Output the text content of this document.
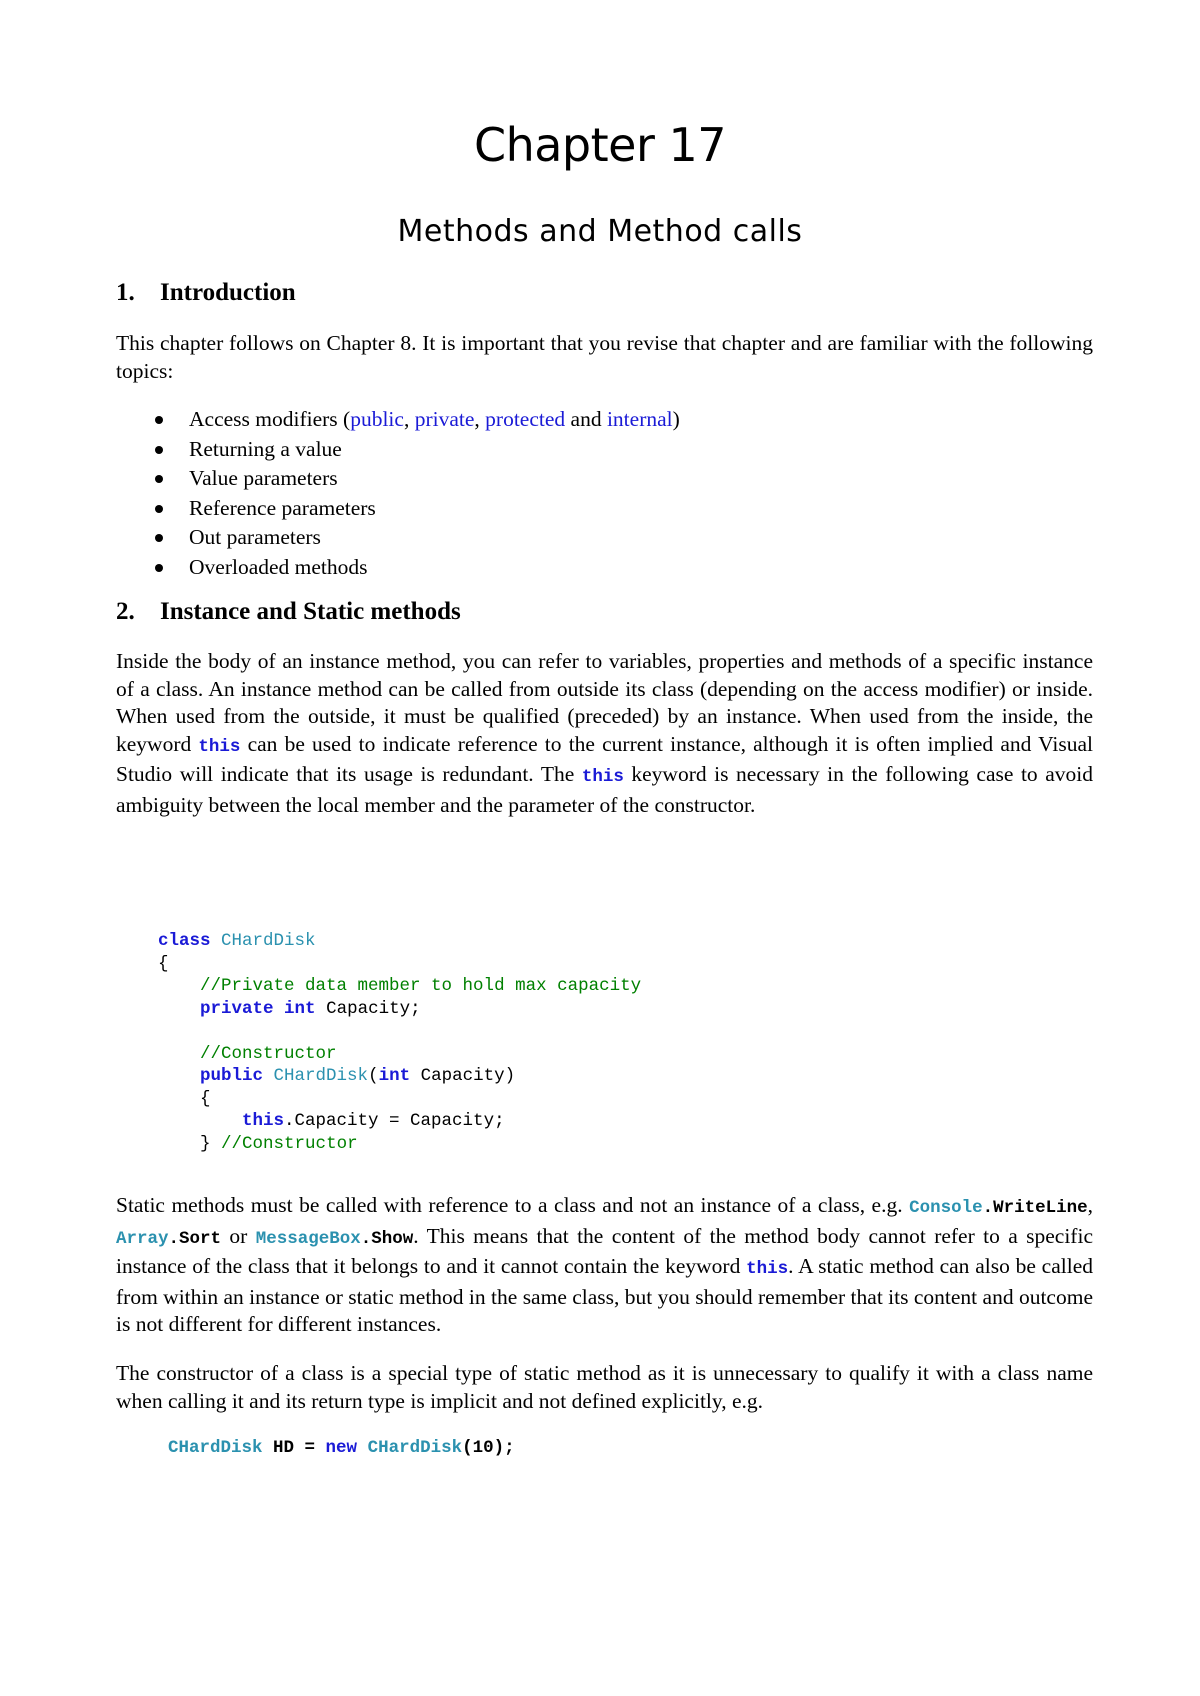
Chapter 17
Methods and Method calls

1. Introduction

This chapter follows on Chapter 8. It is important that you revise that chapter and are familiar with the following topics:

Access modifiers (public, private, protected and internal)
Returning a value
Value parameters
Reference parameters
Out parameters
Overloaded methods

2. Instance and Static methods

Inside the body of an instance method, you can refer to variables, properties and methods of a specific instance of a class. An instance method can be called from outside its class (depending on the access modifier) or inside. When used from the outside, it must be qualified (preceded) by an instance. When used from the inside, the keyword this can be used to indicate reference to the current instance, although it is often implied and Visual Studio will indicate that its usage is redundant. The this keyword is necessary in the following case to avoid ambiguity between the local member and the parameter of the constructor.

class CHardDisk
{
//Private data member to hold max capacity
private int Capacity;

//Constructor
public CHardDisk(int Capacity)
{
this.Capacity = Capacity;
} //Constructor

Static methods must be called with reference to a class and not an instance of a class, e.g. Console.WriteLine, Array.Sort or MessageBox.Show. This means that the content of the method body cannot refer to a specific instance of the class that it belongs to and it cannot contain the keyword this. A static method can also be called from within an instance or static method in the same class, but you should remember that its content and outcome is not different for different instances.

The constructor of a class is a special type of static method as it is unnecessary to qualify it with a class name when calling it and its return type is implicit and not defined explicitly, e.g.

CHardDisk HD = new CHardDisk(10);
